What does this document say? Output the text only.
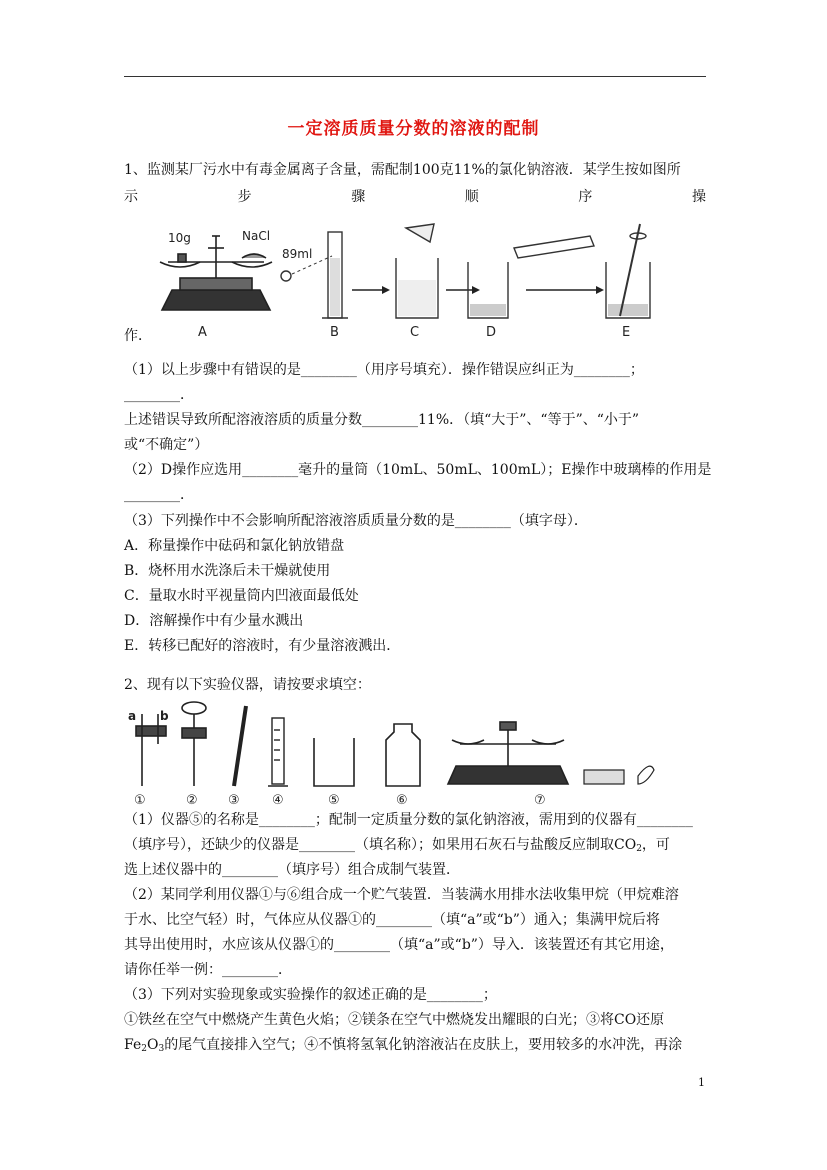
一定溶质质量分数的溶液的配制
1、监测某厂污水中有毒金属离子含量，需配制100克11%的氯化钠溶液．某学生按如图所
示	步	骤	顺	序	操
10g	NaCl
89ml
A	B	C	D	E
作．
（1）以上步骤中有错误的是________（用序号填充）．操作错误应纠正为________；
________．
上述错误导致所配溶液溶质的质量分数________11%．（填“大于”、“等于”、“小于”
或“不确定”）
（2）D操作应选用________毫升的量筒（10mL、50mL、100mL）；E操作中玻璃棒的作用是
________．
（3）下列操作中不会影响所配溶液溶质质量分数的是________（填字母）．
A．称量操作中砝码和氯化钠放错盘
B．烧杯用水洗涤后未干燥就使用
C．量取水时平视量筒内凹液面最低处
D．溶解操作中有少量水溅出
E．转移已配好的溶液时，有少量溶液溅出．
2、现有以下实验仪器，请按要求填空：
a b
①	② ③ ④	⑤	⑥	⑦
（1）仪器⑤的名称是________；配制一定质量分数的氯化钠溶液，需用到的仪器有________
（填序号），还缺少的仪器是________（填名称）；如果用石灰石与盐酸反应制取$CO_2$，可
选上述仪器中的________（填序号）组合成制气装置．
（2）某同学利用仪器①与⑥组合成一个贮气装置．当装满水用排水法收集甲烷（甲烷难溶
于水、比空气轻）时，气体应从仪器①的________（填“a”或“b”）通入；集满甲烷后将
其导出使用时，水应该从仪器①的________（填“a”或“b”）导入．该装置还有其它用途，
请你任举一例：________．
（3）下列对实验现象或实验操作的叙述正确的是________；
①铁丝在空气中燃烧产生黄色火焰；②镁条在空气中燃烧发出耀眼的白光；③将CO还原
$Fe_2O_3$的尾气直接排入空气；④不慎将氢氧化钠溶液沾在皮肤上，要用较多的水冲洗，再涂
1
